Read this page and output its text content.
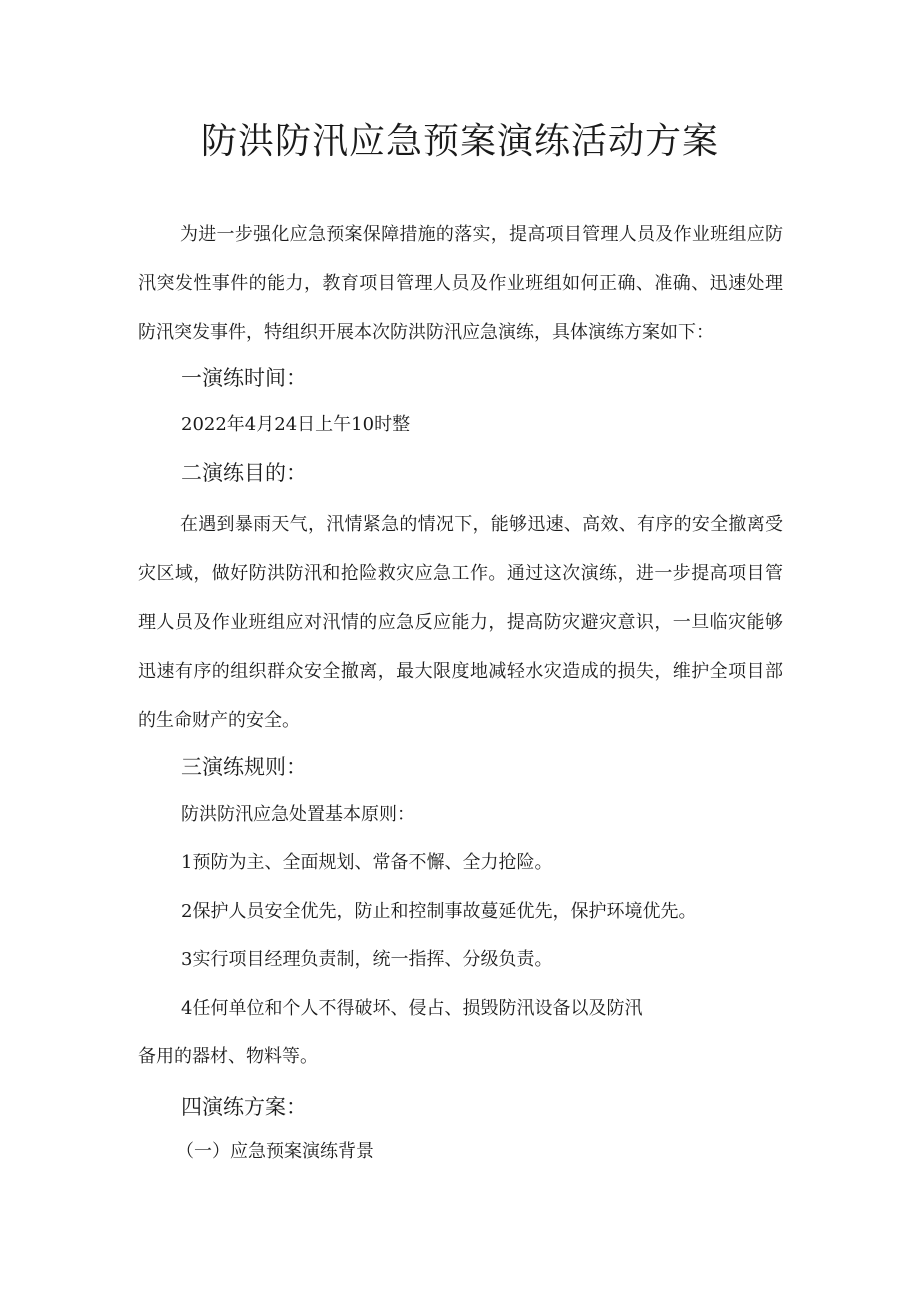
防洪防汛应急预案演练活动方案

为进一步强化应急预案保障措施的落实，提高项目管理人员及作业班组应防汛突发性事件的能力，教育项目管理人员及作业班组如何正确、准确、迅速处理防汛突发事件，特组织开展本次防洪防汛应急演练，具体演练方案如下：

一演练时间：

2022年4月24日上午10时整

二演练目的：

在遇到暴雨天气，汛情紧急的情况下，能够迅速、高效、有序的安全撤离受灾区域，做好防洪防汛和抢险救灾应急工作。通过这次演练，进一步提高项目管理人员及作业班组应对汛情的应急反应能力，提高防灾避灾意识，一旦临灾能够迅速有序的组织群众安全撤离，最大限度地减轻水灾造成的损失，维护全项目部的生命财产的安全。

三演练规则：

防洪防汛应急处置基本原则：

1预防为主、全面规划、常备不懈、全力抢险。

2保护人员安全优先，防止和控制事故蔓延优先，保护环境优先。

3实行项目经理负责制，统一指挥、分级负责。

4任何单位和个人不得破坏、侵占、损毁防汛设备以及防汛

备用的器材、物料等。

四演练方案：

（一）应急预案演练背景
